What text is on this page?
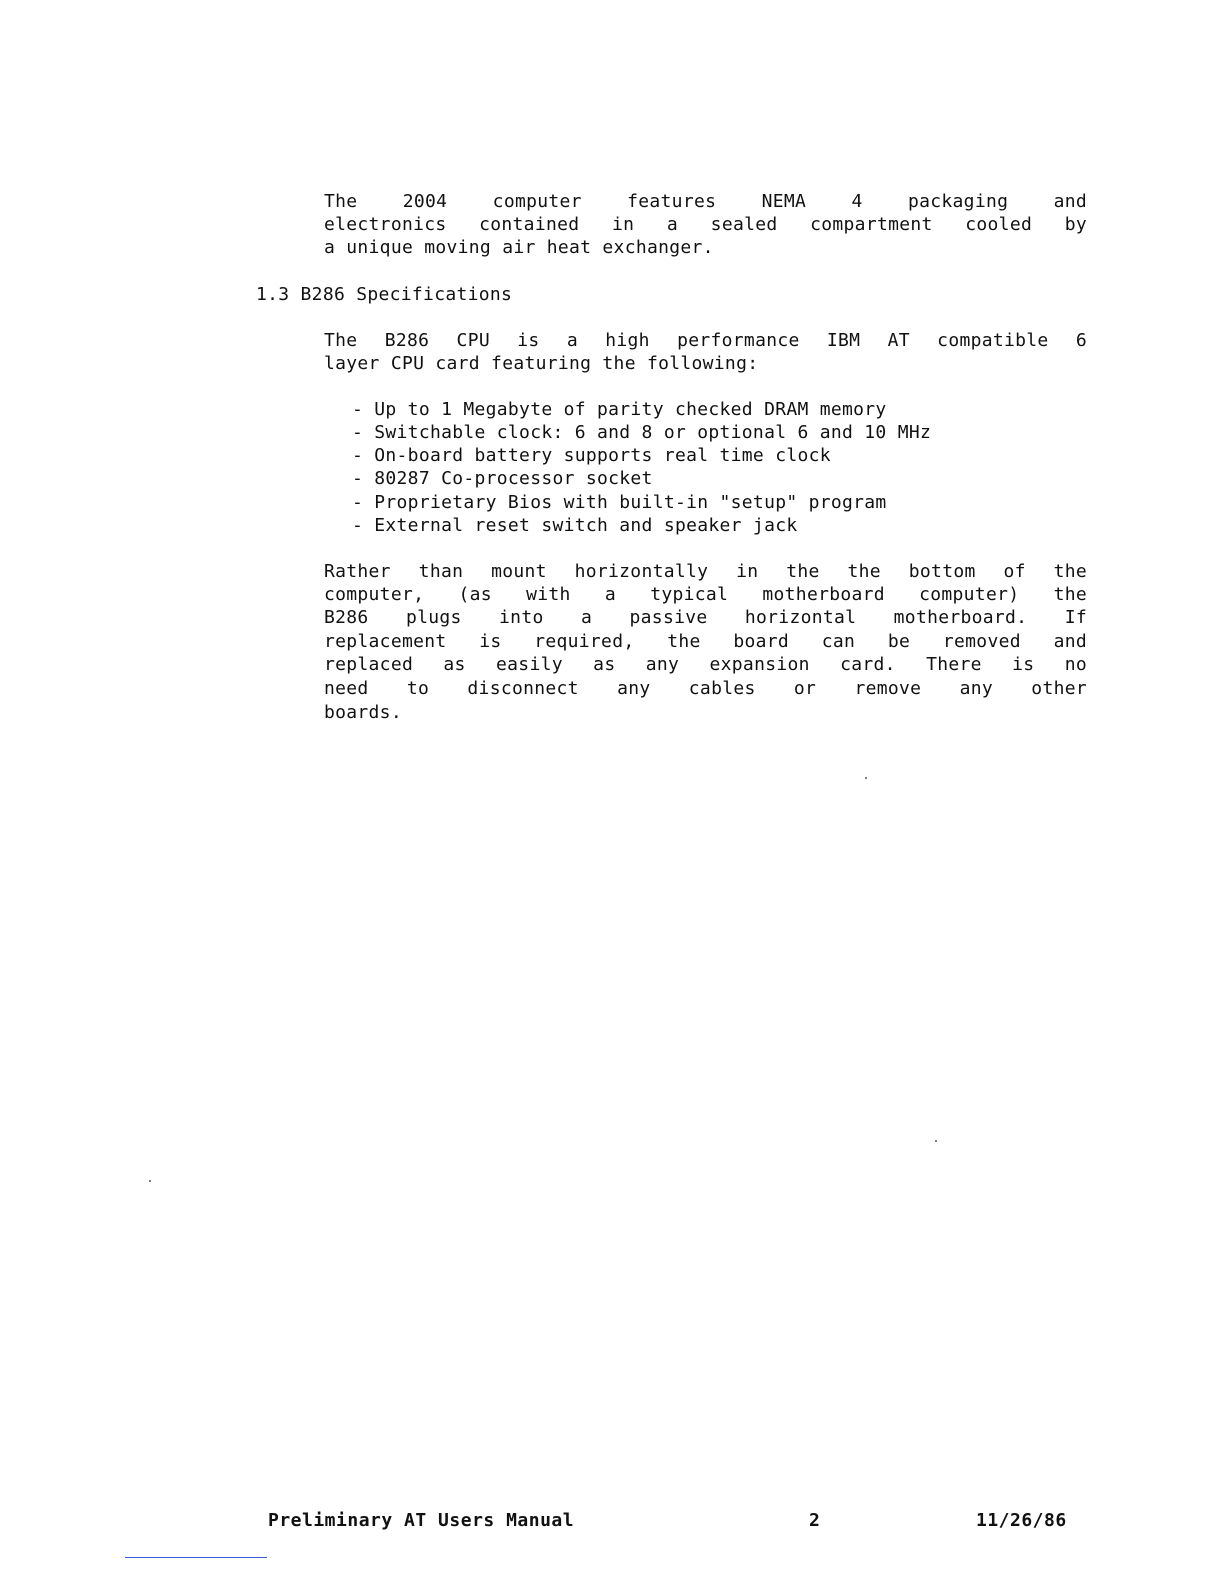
The 2004 computer features NEMA 4 packaging and
electronics contained in a sealed compartment cooled by
a unique moving air heat exchanger.
1.3 B286 Specifications
The B286 CPU is a high performance IBM AT compatible 6
layer CPU card featuring the following:
- Up to 1 Megabyte of parity checked DRAM memory
- Switchable clock: 6 and 8 or optional 6 and 10 MHz
- On-board battery supports real time clock
- 80287 Co-processor socket
- Proprietary Bios with built-in "setup" program
- External reset switch and speaker jack
Rather than mount horizontally in the the bottom of the
computer, (as with a typical motherboard computer) the
B286 plugs into a passive horizontal motherboard. If
replacement is required, the board can be removed and
replaced as easily as any expansion card. There is no
need to disconnect any cables or remove any other
boards.
Preliminary AT Users Manual	2	11/26/86
